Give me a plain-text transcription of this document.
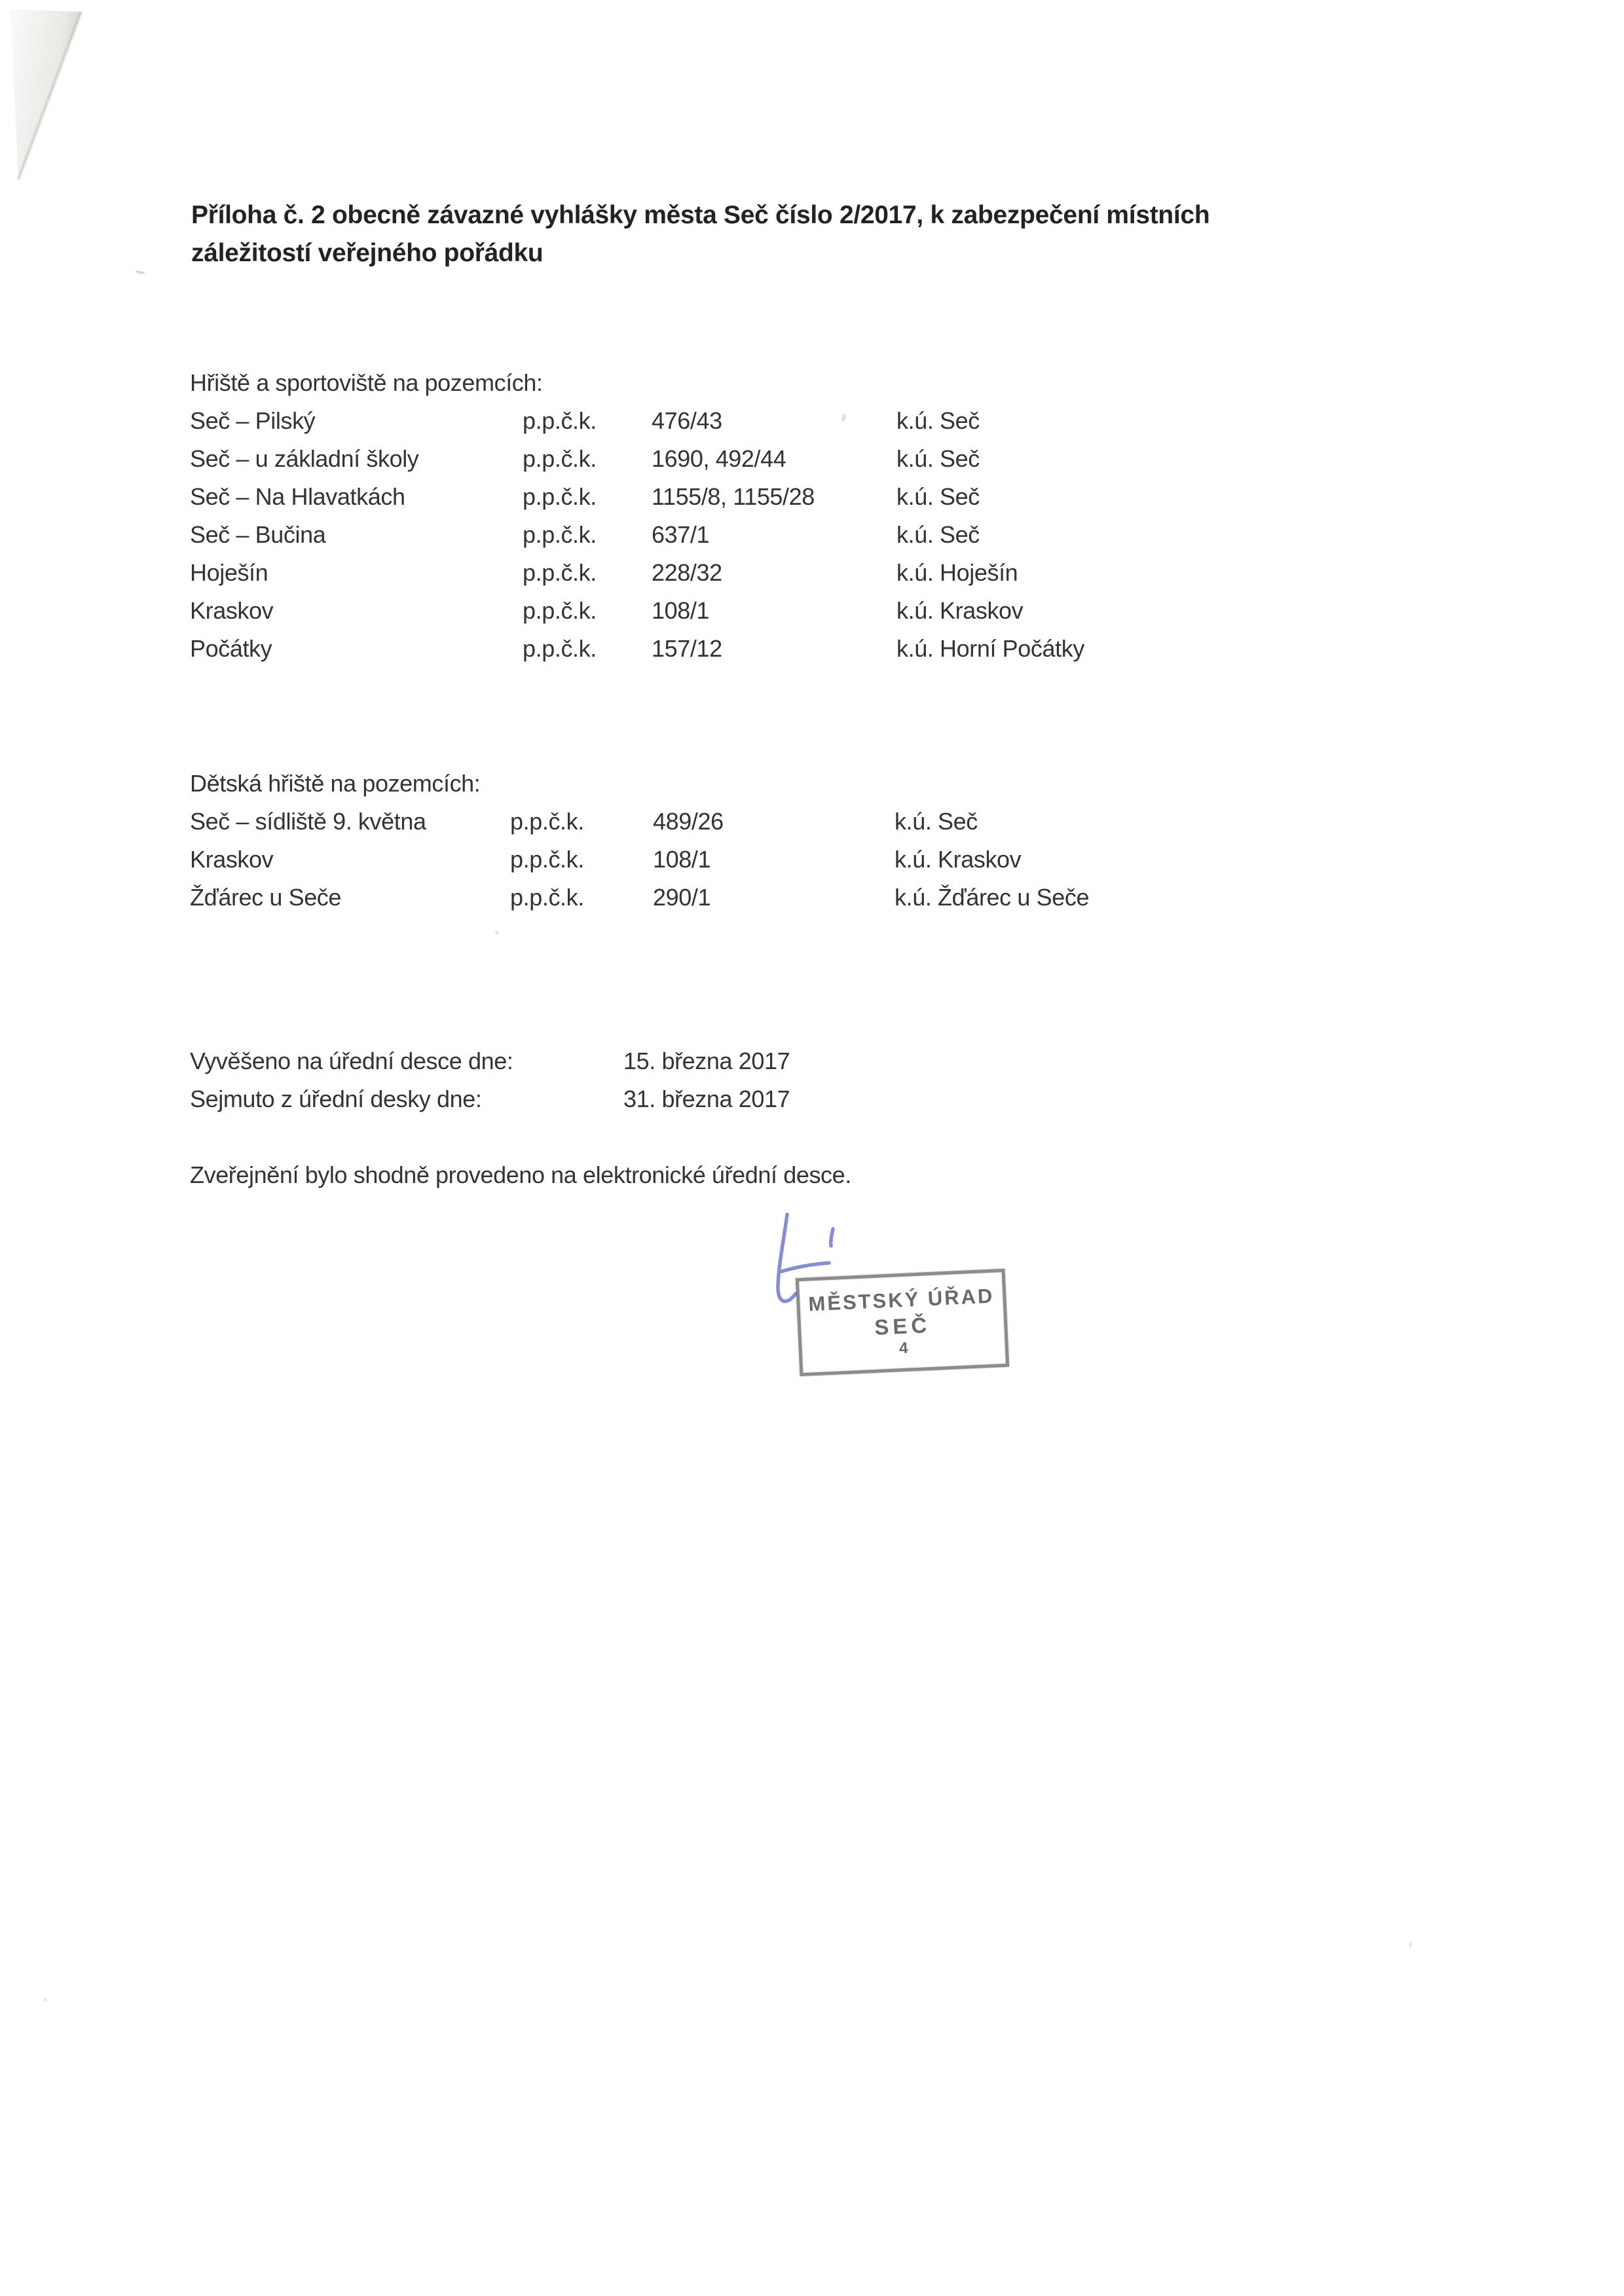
Příloha č. 2 obecně závazné vyhlášky města Seč číslo 2/2017, k zabezpečení místních
záležitostí veřejného pořádku
Hřiště a sportoviště na pozemcích:
Seč – Pilský	p.p.č.k. 476/43	k.ú. Seč
Seč – u základní školy	p.p.č.k. 1690, 492/44	k.ú. Seč
Seč – Na Hlavatkách	p.p.č.k. 1155/8, 1155/28	k.ú. Seč
Seč – Bučina	p.p.č.k. 637/1	k.ú. Seč
Hoješín	p.p.č.k. 228/32	k.ú. Hoješín
Kraskov	p.p.č.k. 108/1	k.ú. Kraskov
Počátky	p.p.č.k. 157/12	k.ú. Horní Počátky
Dětská hřiště na pozemcích:
Seč – sídliště 9. května	p.p.č.k.	489/26	k.ú. Seč
Kraskov	p.p.č.k.	108/1	k.ú. Kraskov
Žďárec u Seče	p.p.č.k.	290/1	k.ú. Žďárec u Seče
Vyvěšeno na úřední desce dne:	15. března 2017
Sejmuto z úřední desky dne:	31. března 2017
Zveřejnění bylo shodně provedeno na elektronické úřední desce.
MĚSTSKÝ ÚŘAD
SEČ
4
